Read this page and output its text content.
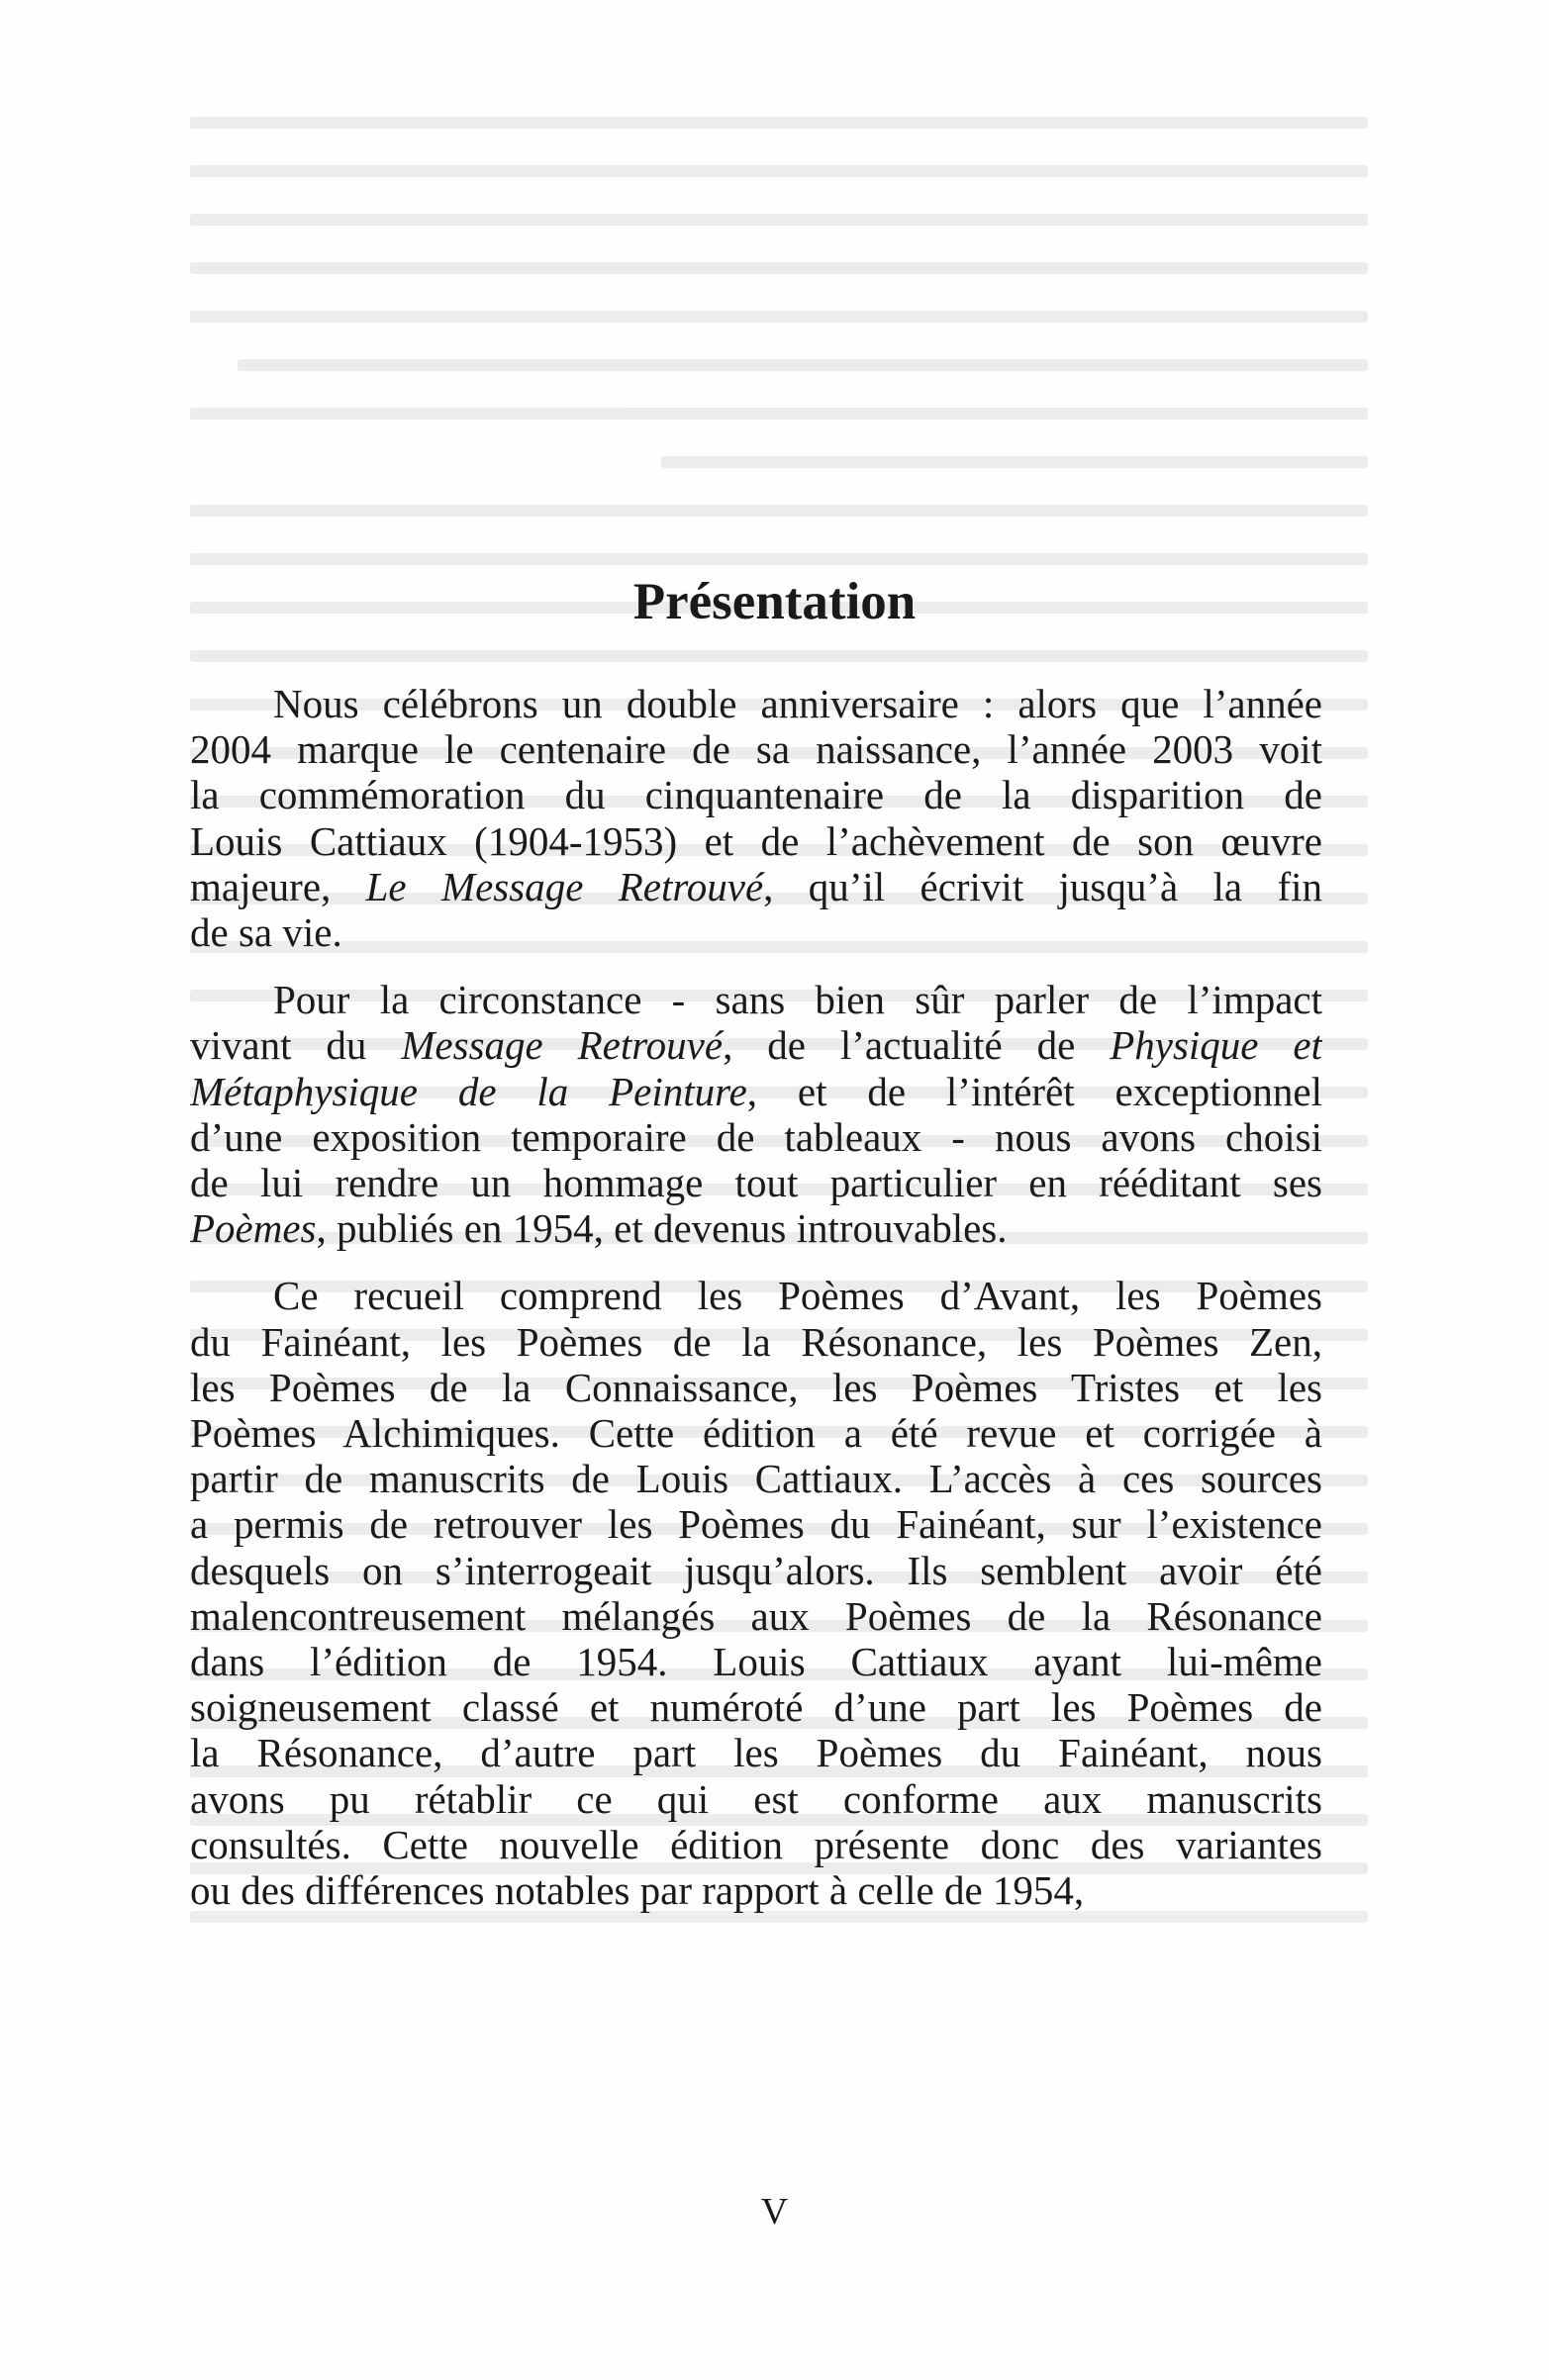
Présentation
Nous célébrons un double anniversaire : alors que l’année
2004 marque le centenaire de sa naissance, l’année 2003 voit
la commémoration du cinquantenaire de la disparition de
Louis Cattiaux (1904-1953) et de l’achèvement de son œuvre
majeure, Le Message Retrouvé, qu’il écrivit jusqu’à la fin
de sa vie.
Pour la circonstance - sans bien sûr parler de l’impact
vivant du Message Retrouvé, de l’actualité de Physique et
Métaphysique de la Peinture, et de l’intérêt exceptionnel
d’une exposition temporaire de tableaux - nous avons choisi
de lui rendre un hommage tout particulier en rééditant ses
Poèmes, publiés en 1954, et devenus introuvables.
Ce recueil comprend les Poèmes d’Avant, les Poèmes
du Fainéant, les Poèmes de la Résonance, les Poèmes Zen,
les Poèmes de la Connaissance, les Poèmes Tristes et les
Poèmes Alchimiques. Cette édition a été revue et corrigée à
partir de manuscrits de Louis Cattiaux. L’accès à ces sources
a permis de retrouver les Poèmes du Fainéant, sur l’existence
desquels on s’interrogeait jusqu’alors. Ils semblent avoir été
malencontreusement mélangés aux Poèmes de la Résonance
dans l’édition de 1954. Louis Cattiaux ayant lui-même
soigneusement classé et numéroté d’une part les Poèmes de
la Résonance, d’autre part les Poèmes du Fainéant, nous
avons pu rétablir ce qui est conforme aux manuscrits
consultés. Cette nouvelle édition présente donc des variantes
ou des différences notables par rapport à celle de 1954,
V
